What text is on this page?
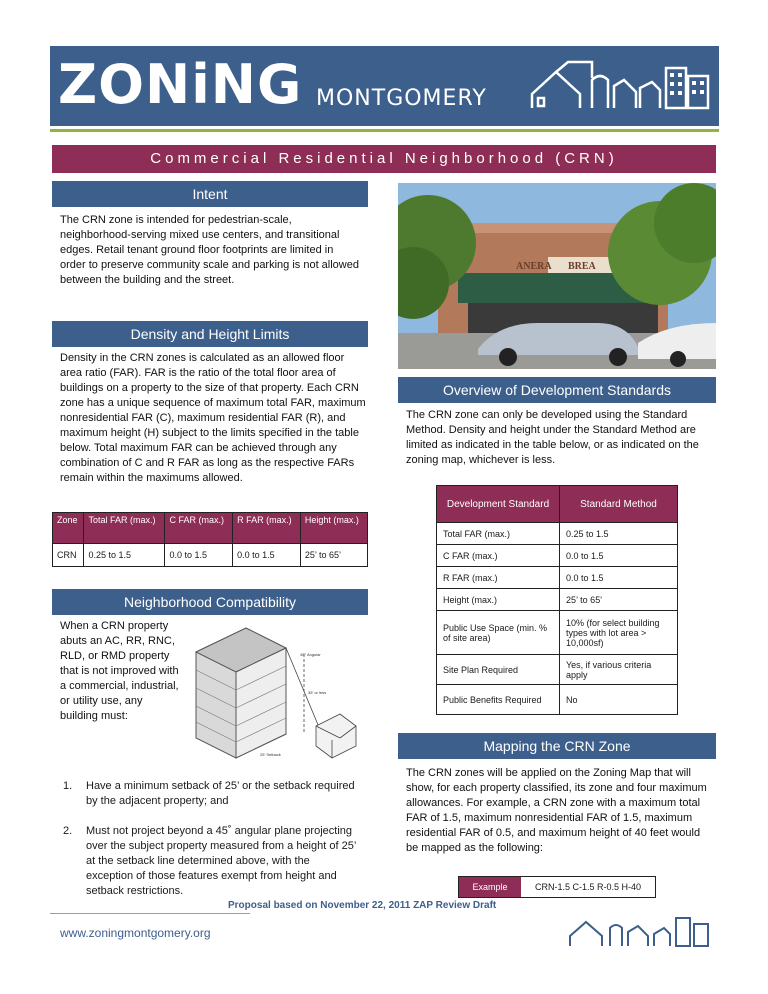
ZONiNG MONTGOMERY
Commercial Residential Neighborhood (CRN)
Intent

The CRN zone is intended for pedestrian-scale, neighborhood-serving mixed use centers, and transitional edges. Retail tenant ground floor footprints are limited in order to preserve community scale and parking is not allowed between the building and the street.

Density and Height Limits

Density in the CRN zones is calculated as an allowed floor area ratio (FAR). FAR is the ratio of the total floor area of buildings on a property to the size of that property. Each CRN zone has a unique sequence of maximum total FAR, maximum nonresidential FAR (C), maximum residential FAR (R), and maximum height (H) subject to the limits specified in the table below. Total maximum FAR can be achieved through any combination of C and R FAR as long as the respective FARs remain within the maximums allowed.

Zone	Total FAR (max.)	C FAR (max.)	R FAR (max.)	Height (max.)
CRN	0.25 to 1.5	0.0 to 1.5	0.0 to 1.5	25’ to 65’
Neighborhood Compatibility

When a CRN property abuts an AC, RR, RNC, RLD, or RMD property that is not improved with a commercial, industrial, or utility use, any building must:

45° Angular
25' Setback
35' or less
1. Have a minimum setback of 25’ or the setback required by the adjacent property; and
2. Must not project beyond a 45˚ angular plane projecting over the subject property measured from a height of 25’ at the setback line determined above, with the exception of those features exempt from height and setback restrictions.
ANERA BREA
Overview of Development Standards

The CRN zone can only be developed using the Standard Method. Density and height under the Standard Method are limited as indicated in the table below, or as indicated on the zoning map, whichever is less.

Development Standard	Standard Method
Total FAR (max.)	0.25 to 1.5
C FAR (max.)	0.0 to 1.5
R FAR (max.)	0.0 to 1.5
Height (max.)	25’ to 65'
Public Use Space (min. % of site area)	10% (for select building types with lot area > 10,000sf)
Site Plan Required	Yes, if various criteria apply
Public Benefits Required	No
Mapping the CRN Zone

The CRN zones will be applied on the Zoning Map that will show, for each property classified, its zone and four maximum allowances. For example, a CRN zone with a maximum total FAR of 1.5, maximum nonresidential FAR of 1.5, maximum residential FAR of 0.5, and maximum height of 40 feet would be mapped as the following:

Example	CRN-1.5 C-1.5 R-0.5 H-40
Proposal based on November 22, 2011 ZAP Review Draft
www.zoningmontgomery.org
